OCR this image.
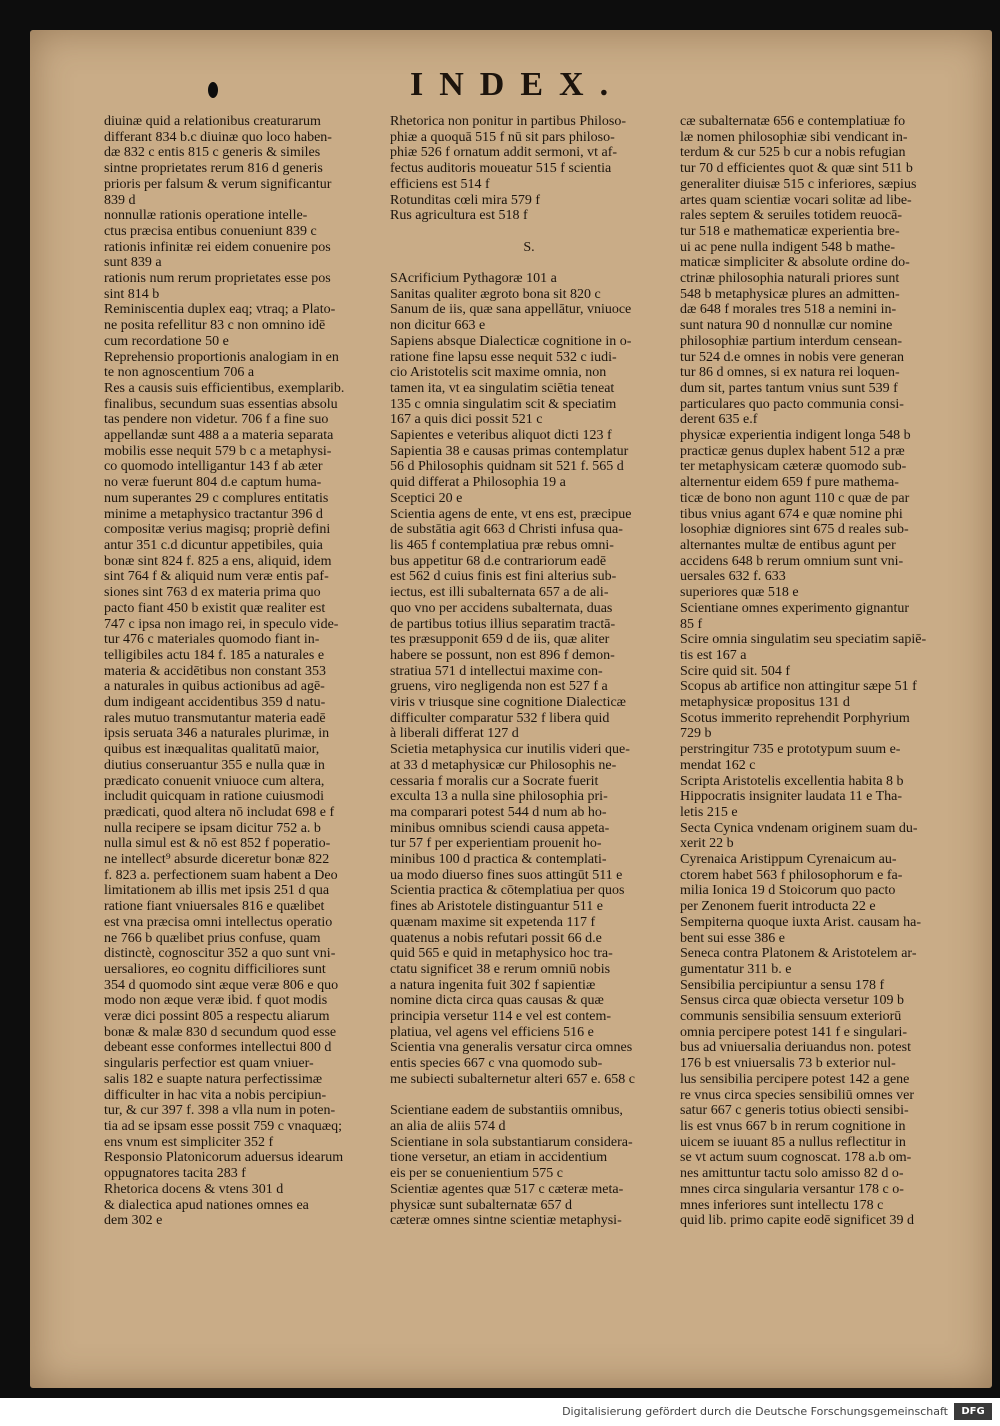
INDEX.

diuinæ quid a relationibus creaturarum

differant 834 b.c diuinæ quo loco haben-

dæ 832 c entis 815 c generis & similes

sintne proprietates rerum 816 d generis

prioris per falsum & verum significantur

839 d

nonnullæ rationis operatione intelle-

ctus præcisa entibus conueniunt 839 c

rationis infinitæ rei eidem conuenire pos

sunt 839 a

rationis num rerum proprietates esse pos

sint 814 b

Reminiscentia duplex eaq; vtraq; a Plato-

ne posita refellitur 83 c non omnino idē

cum recordatione 50 e

Reprehensio proportionis analogiam in en

te non agnoscentium 706 a

Res a causis suis efficientibus, exemplarib.

finalibus, secundum suas essentias absolu

tas pendere non videtur. 706 f a fine suo

appellandæ sunt 488 a a materia separata

mobilis esse nequit 579 b c a metaphysi-

co quomodo intelligantur 143 f ab æter

no veræ fuerunt 804 d.e captum huma-

num superantes 29 c complures entitatis

minime a metaphysico tractantur 396 d

compositæ verius magisq; propriè defini

antur 351 c.d dicuntur appetibiles, quia

bonæ sint 824 f. 825 a ens, aliquid, idem

sint 764 f & aliquid num veræ entis paf-

siones sint 763 d ex materia prima quo

pacto fiant 450 b existit quæ realiter est

747 c ipsa non imago rei, in speculo vide-

tur 476 c materiales quomodo fiant in-

telligibiles actu 184 f. 185 a naturales e

materia & accidētibus non constant 353

a naturales in quibus actionibus ad agē-

dum indigeant accidentibus 359 d natu-

rales mutuo transmutantur materia eadē

ipsis seruata 346 a naturales plurimæ, in

quibus est inæqualitas qualitatū maior,

diutius conseruantur 355 e nulla quæ in

prædicato conuenit vniuoce cum altera,

includit quicquam in ratione cuiusmodi

prædicati, quod altera nō includat 698 e f

nulla recipere se ipsam dicitur 752 a. b

nulla simul est & nō est 852 f poperatio-

ne intellect⁹ absurde diceretur bonæ 822

f. 823 a. perfectionem suam habent a Deo

limitationem ab illis met ipsis 251 d qua

ratione fiant vniuersales 816 e quælibet

est vna præcisa omni intellectus operatio

ne 766 b quælibet prius confuse, quam

distinctè, cognoscitur 352 a quo sunt vni-

uersaliores, eo cognitu difficiliores sunt

354 d quomodo sint æque veræ 806 e quo

modo non æque veræ ibid. f quot modis

veræ dici possint 805 a respectu aliarum

bonæ & malæ 830 d secundum quod esse

debeant esse conformes intellectui 800 d

singularis perfectior est quam vniuer-

salis 182 e suapte natura perfectissimæ

difficulter in hac vita a nobis percipiun-

tur, & cur 397 f. 398 a vlla num in poten-

tia ad se ipsam esse possit 759 c vnaquæq;

ens vnum est simpliciter 352 f

Responsio Platonicorum aduersus idearum

oppugnatores tacita 283 f

Rhetorica docens & vtens 301 d

& dialectica apud nationes omnes ea

dem 302 e

Rhetorica non ponitur in partibus Philoso-

phiæ a quoquā 515 f nū sit pars philoso-

phiæ 526 f ornatum addit sermoni, vt af-

fectus auditoris moueatur 515 f scientia

efficiens est 514 f

Rotunditas cœli mira 579 f

Rus agricultura est 518 f

S.

SAcrificium Pythagoræ 101 a

Sanitas qualiter ægroto bona sit 820 c

Sanum de iis, quæ sana appellātur, vniuoce

non dicitur 663 e

Sapiens absque Dialecticæ cognitione in o-

ratione fine lapsu esse nequit 532 c iudi-

cio Aristotelis scit maxime omnia, non

tamen ita, vt ea singulatim sciētia teneat

135 c omnia singulatim scit & speciatim

167 a quis dici possit 521 c

Sapientes e veteribus aliquot dicti 123 f

Sapientia 38 e causas primas contemplatur

56 d Philosophis quidnam sit 521 f. 565 d

quid differat a Philosophia 19 a

Sceptici 20 e

Scientia agens de ente, vt ens est, præcipue

de substātia agit 663 d Christi infusa qua-

lis 465 f contemplatiua præ rebus omni-

bus appetitur 68 d.e contrariorum eadē

est 562 d cuius finis est fini alterius sub-

iectus, est illi subalternata 657 a de ali-

quo vno per accidens subalternata, duas

de partibus totius illius separatim tractā-

tes præsupponit 659 d de iis, quæ aliter

habere se possunt, non est 896 f demon-

stratiua 571 d intellectui maxime con-

gruens, viro negligenda non est 527 f a

viris v triusque sine cognitione Dialecticæ

difficulter comparatur 532 f libera quid

à liberali differat 127 d

Scietia metaphysica cur inutilis videri que-

at 33 d metaphysicæ cur Philosophis ne-

cessaria f moralis cur a Socrate fuerit

exculta 13 a nulla sine philosophia pri-

ma comparari potest 544 d num ab ho-

minibus omnibus sciendi causa appeta-

tur 57 f per experientiam prouenit ho-

minibus 100 d practica & contemplati-

ua modo diuerso fines suos attingūt 511 e

Scientia practica & cōtemplatiua per quos

fines ab Aristotele distinguantur 511 e

quænam maxime sit expetenda 117 f

quatenus a nobis refutari possit 66 d.e

quid 565 e quid in metaphysico hoc tra-

ctatu significet 38 e rerum omniū nobis

a natura ingenita fuit 302 f sapientiæ

nomine dicta circa quas causas & quæ

principia versetur 114 e vel est contem-

platiua, vel agens vel efficiens 516 e

Scientia vna generalis versatur circa omnes

entis species 667 c vna quomodo sub-

me subiecti subalternetur alteri 657 e. 658 c

Scientiane eadem de substantiis omnibus,

an alia de aliis 574 d

Scientiane in sola substantiarum considera-

tione versetur, an etiam in accidentium

eis per se conuenientium 575 c

Scientiæ agentes quæ 517 c cæteræ meta-

physicæ sunt subalternatæ 657 d

cæteræ omnes sintne scientiæ metaphysi-

cæ subalternatæ 656 e contemplatiuæ fo

læ nomen philosophiæ sibi vendicant in-

terdum & cur 525 b cur a nobis refugian

tur 70 d efficientes quot & quæ sint 511 b

generaliter diuisæ 515 c inferiores, sæpius

artes quam scientiæ vocari solitæ ad libe-

rales septem & seruiles totidem reuocā-

tur 518 e mathematicæ experientia bre-

ui ac pene nulla indigent 548 b mathe-

maticæ simpliciter & absolute ordine do-

ctrinæ philosophia naturali priores sunt

548 b metaphysicæ plures an admitten-

dæ 648 f morales tres 518 a nemini in-

sunt natura 90 d nonnullæ cur nomine

philosophiæ partium interdum censean-

tur 524 d.e omnes in nobis vere generan

tur 86 d omnes, si ex natura rei loquen-

dum sit, partes tantum vnius sunt 539 f

particulares quo pacto communia consi-

derent 635 e.f

physicæ experientia indigent longa 548 b

practicæ genus duplex habent 512 a præ

ter metaphysicam cæteræ quomodo sub-

alternentur eidem 659 f pure mathema-

ticæ de bono non agunt 110 c quæ de par

tibus vnius agant 674 e quæ nomine phi

losophiæ digniores sint 675 d reales sub-

alternantes multæ de entibus agunt per

accidens 648 b rerum omnium sunt vni-

uersales 632 f. 633

superiores quæ 518 e

Scientiane omnes experimento gignantur

85 f

Scire omnia singulatim seu speciatim sapiē-

tis est 167 a

Scire quid sit. 504 f

Scopus ab artifice non attingitur sæpe 51 f

metaphysicæ propositus 131 d

Scotus immerito reprehendit Porphyrium

729 b

perstringitur 735 e prototypum suum e-

mendat 162 c

Scripta Aristotelis excellentia habita 8 b

Hippocratis insigniter laudata 11 e Tha-

letis 215 e

Secta Cynica vndenam originem suam du-

xerit 22 b

Cyrenaica Aristippum Cyrenaicum au-

ctorem habet 563 f philosophorum e fa-

milia Ionica 19 d Stoicorum quo pacto

per Zenonem fuerit introducta 22 e

Sempiterna quoque iuxta Arist. causam ha-

bent sui esse 386 e

Seneca contra Platonem & Aristotelem ar-

gumentatur 311 b. e

Sensibilia percipiuntur a sensu 178 f

Sensus circa quæ obiecta versetur 109 b

communis sensibilia sensuum exteriorū

omnia percipere potest 141 f e singulari-

bus ad vniuersalia deriuandus non. potest

176 b est vniuersalis 73 b exterior nul-

lus sensibilia percipere potest 142 a gene

re vnus circa species sensibiliū omnes ver

satur 667 c generis totius obiecti sensibi-

lis est vnus 667 b in rerum cognitione in

uicem se iuuant 85 a nullus reflectitur in

se vt actum suum cognoscat. 178 a.b om-

nes amittuntur tactu solo amisso 82 d o-

mnes circa singularia versantur 178 c o-

mnes inferiores sunt intellectu 178 c

quid lib. primo capite eodē significet 39 d

Digitalisierung gefördert durch die Deutsche Forschungsgemeinschaft	DFG
